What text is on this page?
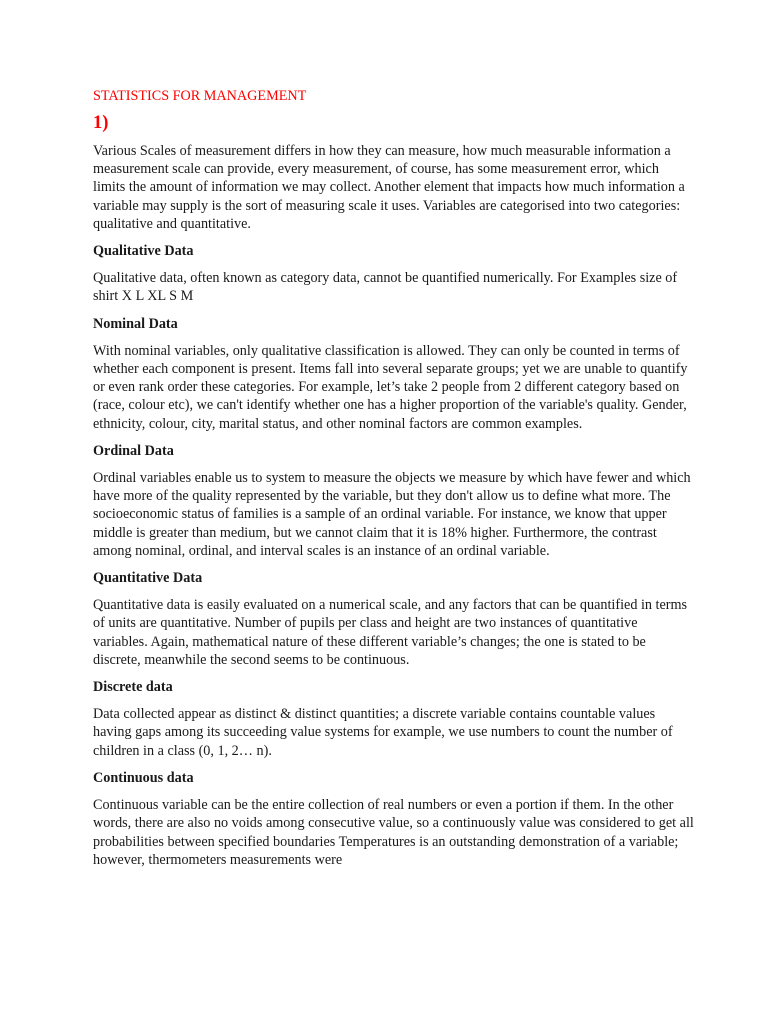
STATISTICS FOR MANAGEMENT

1)

Various Scales of measurement differs in how they can measure, how much measurable information a measurement scale can provide, every measurement, of course, has some measurement error, which limits the amount of information we may collect. Another element that impacts how much information a variable may supply is the sort of measuring scale it uses. Variables are categorised into two categories: qualitative and quantitative.

Qualitative Data

Qualitative data, often known as category data, cannot be quantified numerically. For Examples size of shirt X L XL S M

Nominal Data

With nominal variables, only qualitative classification is allowed. They can only be counted in terms of whether each component is present. Items fall into several separate groups; yet we are unable to quantify or even rank order these categories. For example, let’s take 2 people from 2 different category based on (race, colour etc), we can't identify whether one has a higher proportion of the variable's quality. Gender, ethnicity, colour, city, marital status, and other nominal factors are common examples.

Ordinal Data

Ordinal variables enable us to system to measure the objects we measure by which have fewer and which have more of the quality represented by the variable, but they don't allow us to define what more. The socioeconomic status of families is a sample of an ordinal variable. For instance, we know that upper middle is greater than medium, but we cannot claim that it is 18% higher. Furthermore, the contrast among nominal, ordinal, and interval scales is an instance of an ordinal variable.

Quantitative Data

Quantitative data is easily evaluated on a numerical scale, and any factors that can be quantified in terms of units are quantitative. Number of pupils per class and height are two instances of quantitative variables. Again, mathematical nature of these different variable’s changes; the one is stated to be discrete, meanwhile the second seems to be continuous.

Discrete data

Data collected appear as distinct & distinct quantities; a discrete variable contains countable values having gaps among its succeeding value systems for example, we use numbers to count the number of children in a class (0, 1, 2… n).

Continuous data

Continuous variable can be the entire collection of real numbers or even a portion if them. In the other words, there are also no voids among consecutive value, so a continuously value was considered to get all probabilities between specified boundaries Temperatures is an outstanding demonstration of a variable; however, thermometers measurements were
